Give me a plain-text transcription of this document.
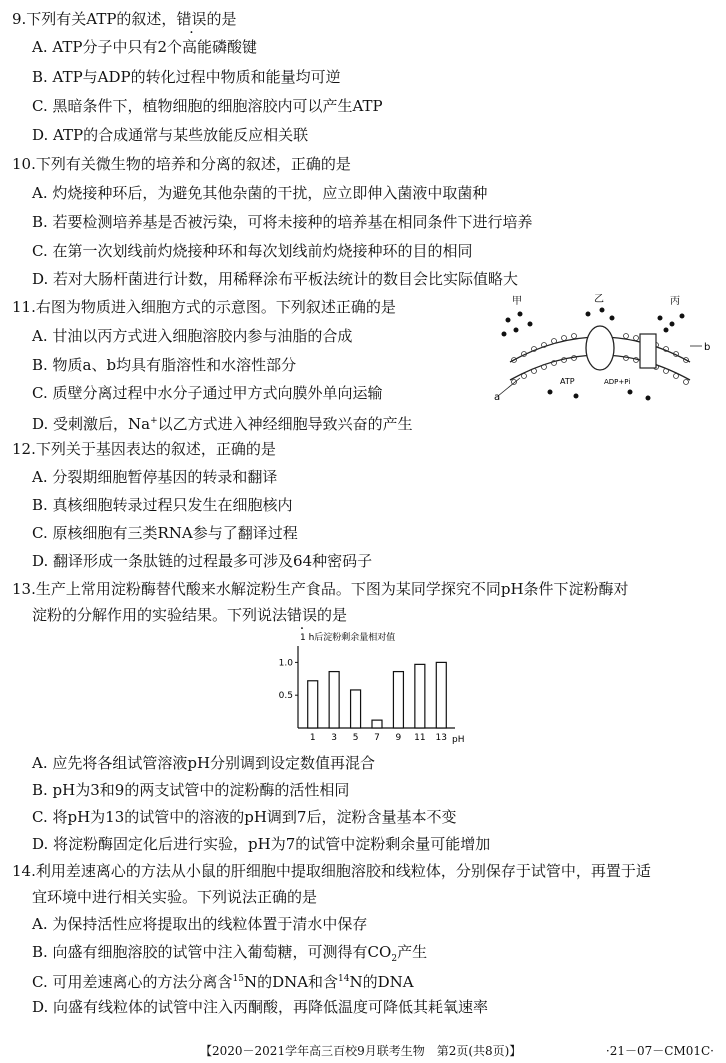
9.下列有关ATP的叙述，错误的是
A. ATP分子中只有2个高能磷酸键
B. ATP与ADP的转化过程中物质和能量均可逆
C. 黑暗条件下，植物细胞的细胞溶胶内可以产生ATP
D. ATP的合成通常与某些放能反应相关联
10.下列有关微生物的培养和分离的叙述，正确的是
A. 灼烧接种环后，为避免其他杂菌的干扰，应立即伸入菌液中取菌种
B. 若要检测培养基是否被污染，可将未接种的培养基在相同条件下进行培养
C. 在第一次划线前灼烧接种环和每次划线前灼烧接种环的目的相同
D. 若对大肠杆菌进行计数，用稀释涂布平板法统计的数目会比实际值略大
11.右图为物质进入细胞方式的示意图。下列叙述正确的是
A. 甘油以丙方式进入细胞溶胶内参与油脂的合成
B. 物质a、b均具有脂溶性和水溶性部分
C. 质壁分离过程中水分子通过甲方式向膜外单向运输
D. 受刺激后，Na+以乙方式进入神经细胞导致兴奋的产生
甲	乙	丙
a
b
ATP	ADP+Pi
12.下列关于基因表达的叙述，正确的是
A. 分裂期细胞暂停基因的转录和翻译
B. 真核细胞转录过程只发生在细胞核内
C. 原核细胞有三类RNA参与了翻译过程
D. 翻译形成一条肽链的过程最多可涉及64种密码子
13.生产上常用淀粉酶替代酸来水解淀粉生产食品。下图为某同学探究不同pH条件下淀粉酶对
淀粉的分解作用的实验结果。下列说法错误的是
1 h后淀粉剩余量相对值
1 3 5 7 9 11 13
1.0
0.5
pH
A. 应先将各组试管溶液pH分别调到设定数值再混合
B. pH为3和9的两支试管中的淀粉酶的活性相同
C. 将pH为13的试管中的溶液的pH调到7后，淀粉含量基本不变
D. 将淀粉酶固定化后进行实验，pH为7的试管中淀粉剩余量可能增加
14.利用差速离心的方法从小鼠的肝细胞中提取细胞溶胶和线粒体，分别保存于试管中，再置于适
宜环境中进行相关实验。下列说法正确的是
A. 为保持活性应将提取出的线粒体置于清水中保存
B. 向盛有细胞溶胶的试管中注入葡萄糖，可测得有$CO_2$产生
C. 可用差速离心的方法分离含$^{15}$N的DNA和含$^{14}$N的DNA
D. 向盛有线粒体的试管中注入丙酮酸，再降低温度可降低其耗氧速率
【2020－2021学年高三百校9月联考生物　第2页(共8页)】	·21－07－CM01C·
